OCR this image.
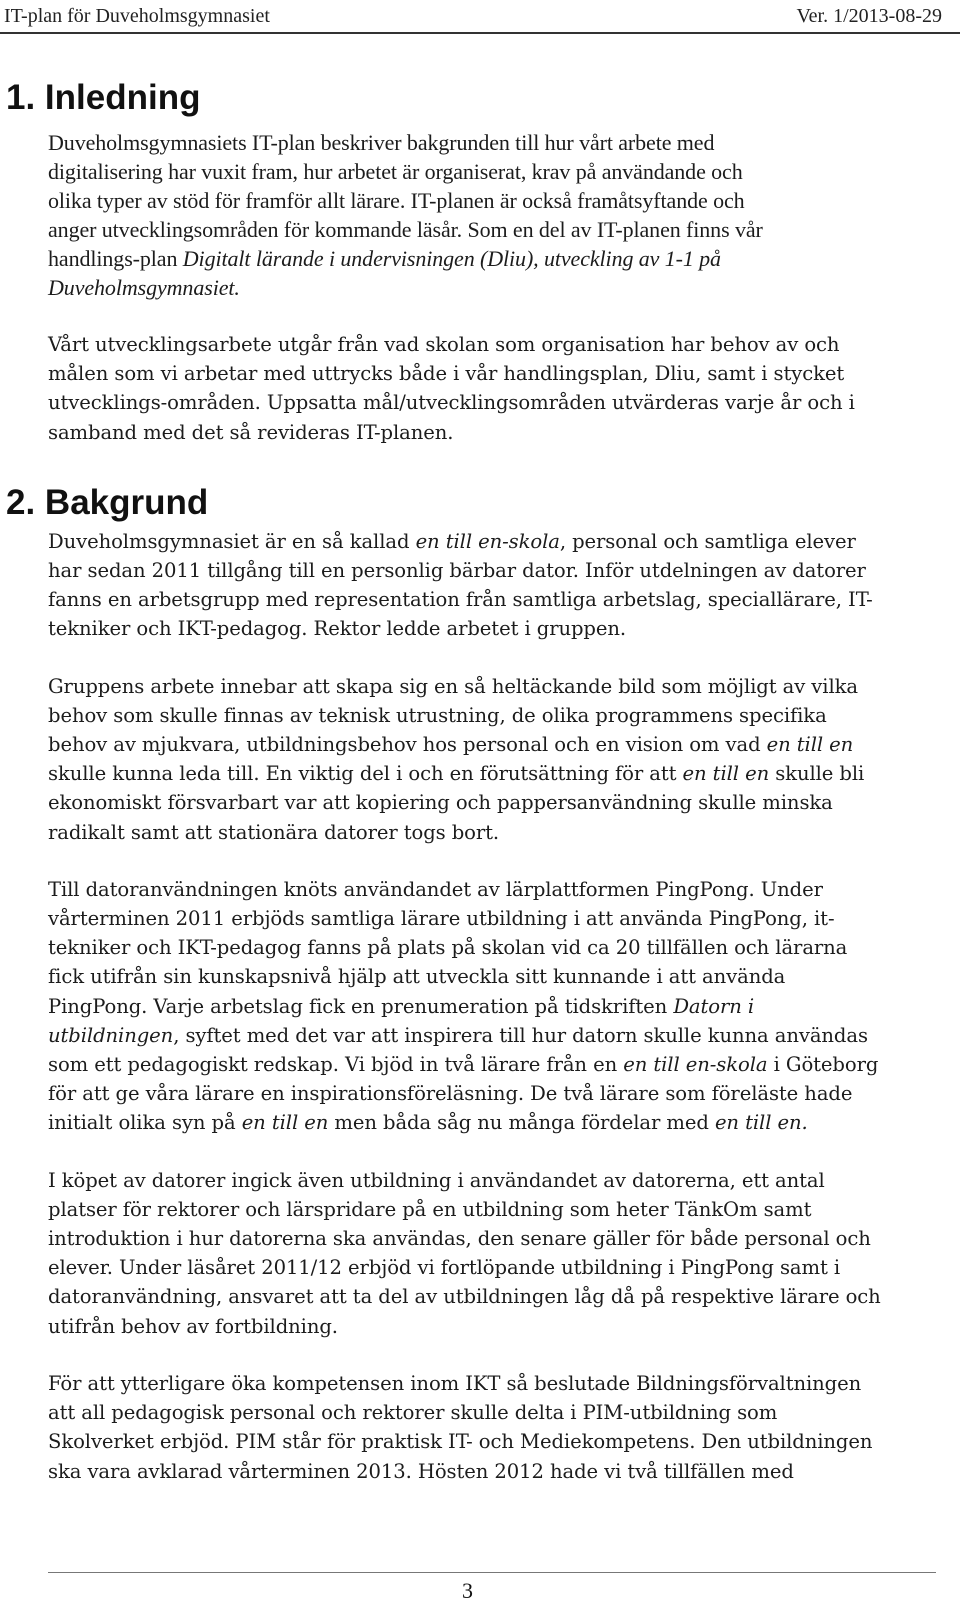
IT-plan för Duveholmsgymnasiet	Ver. 1/2013-08-29
1. Inledning

Duveholmsgymnasiets IT-plan beskriver bakgrunden till hur vårt arbete med
digitalisering har vuxit fram, hur arbetet är organiserat, krav på användande och
olika typer av stöd för framför allt lärare. IT-planen är också framåtsyftande och
anger utvecklingsområden för kommande läsår. Som en del av IT-planen finns vår
handlings-plan Digitalt lärande i undervisningen (Dliu), utveckling av 1-1 på
Duveholmsgymnasiet.

Vårt utvecklingsarbete utgår från vad skolan som organisation har behov av och
målen som vi arbetar med uttrycks både i vår handlingsplan, Dliu, samt i stycket
utvecklings-områden. Uppsatta mål/utvecklingsområden utvärderas varje år och i
samband med det så revideras IT-planen.

2. Bakgrund

Duveholmsgymnasiet är en så kallad en till en-skola, personal och samtliga elever
har sedan 2011 tillgång till en personlig bärbar dator. Inför utdelningen av datorer
fanns en arbetsgrupp med representation från samtliga arbetslag, speciallärare, IT-
tekniker och IKT-pedagog. Rektor ledde arbetet i gruppen.

Gruppens arbete innebar att skapa sig en så heltäckande bild som möjligt av vilka
behov som skulle finnas av teknisk utrustning, de olika programmens specifika
behov av mjukvara, utbildningsbehov hos personal och en vision om vad en till en
skulle kunna leda till. En viktig del i och en förutsättning för att en till en skulle bli
ekonomiskt försvarbart var att kopiering och pappersanvändning skulle minska
radikalt samt att stationära datorer togs bort.

Till datoranvändningen knöts användandet av lärplattformen PingPong. Under
vårterminen 2011 erbjöds samtliga lärare utbildning i att använda PingPong, it-
tekniker och IKT-pedagog fanns på plats på skolan vid ca 20 tillfällen och lärarna
fick utifrån sin kunskapsnivå hjälp att utveckla sitt kunnande i att använda
PingPong. Varje arbetslag fick en prenumeration på tidskriften Datorn i
utbildningen, syftet med det var att inspirera till hur datorn skulle kunna användas
som ett pedagogiskt redskap. Vi bjöd in två lärare från en en till en-skola i Göteborg
för att ge våra lärare en inspirationsföreläsning. De två lärare som föreläste hade
initialt olika syn på en till en men båda såg nu många fördelar med en till en.

I köpet av datorer ingick även utbildning i användandet av datorerna, ett antal
platser för rektorer och lärspridare på en utbildning som heter TänkOm samt
introduktion i hur datorerna ska användas, den senare gäller för både personal och
elever. Under läsåret 2011/12 erbjöd vi fortlöpande utbildning i PingPong samt i
datoranvändning, ansvaret att ta del av utbildningen låg då på respektive lärare och
utifrån behov av fortbildning.

För att ytterligare öka kompetensen inom IKT så beslutade Bildningsförvaltningen
att all pedagogisk personal och rektorer skulle delta i PIM-utbildning som
Skolverket erbjöd. PIM står för praktisk IT- och Mediekompetens. Den utbildningen
ska vara avklarad vårterminen 2013. Hösten 2012 hade vi två tillfällen med

3
